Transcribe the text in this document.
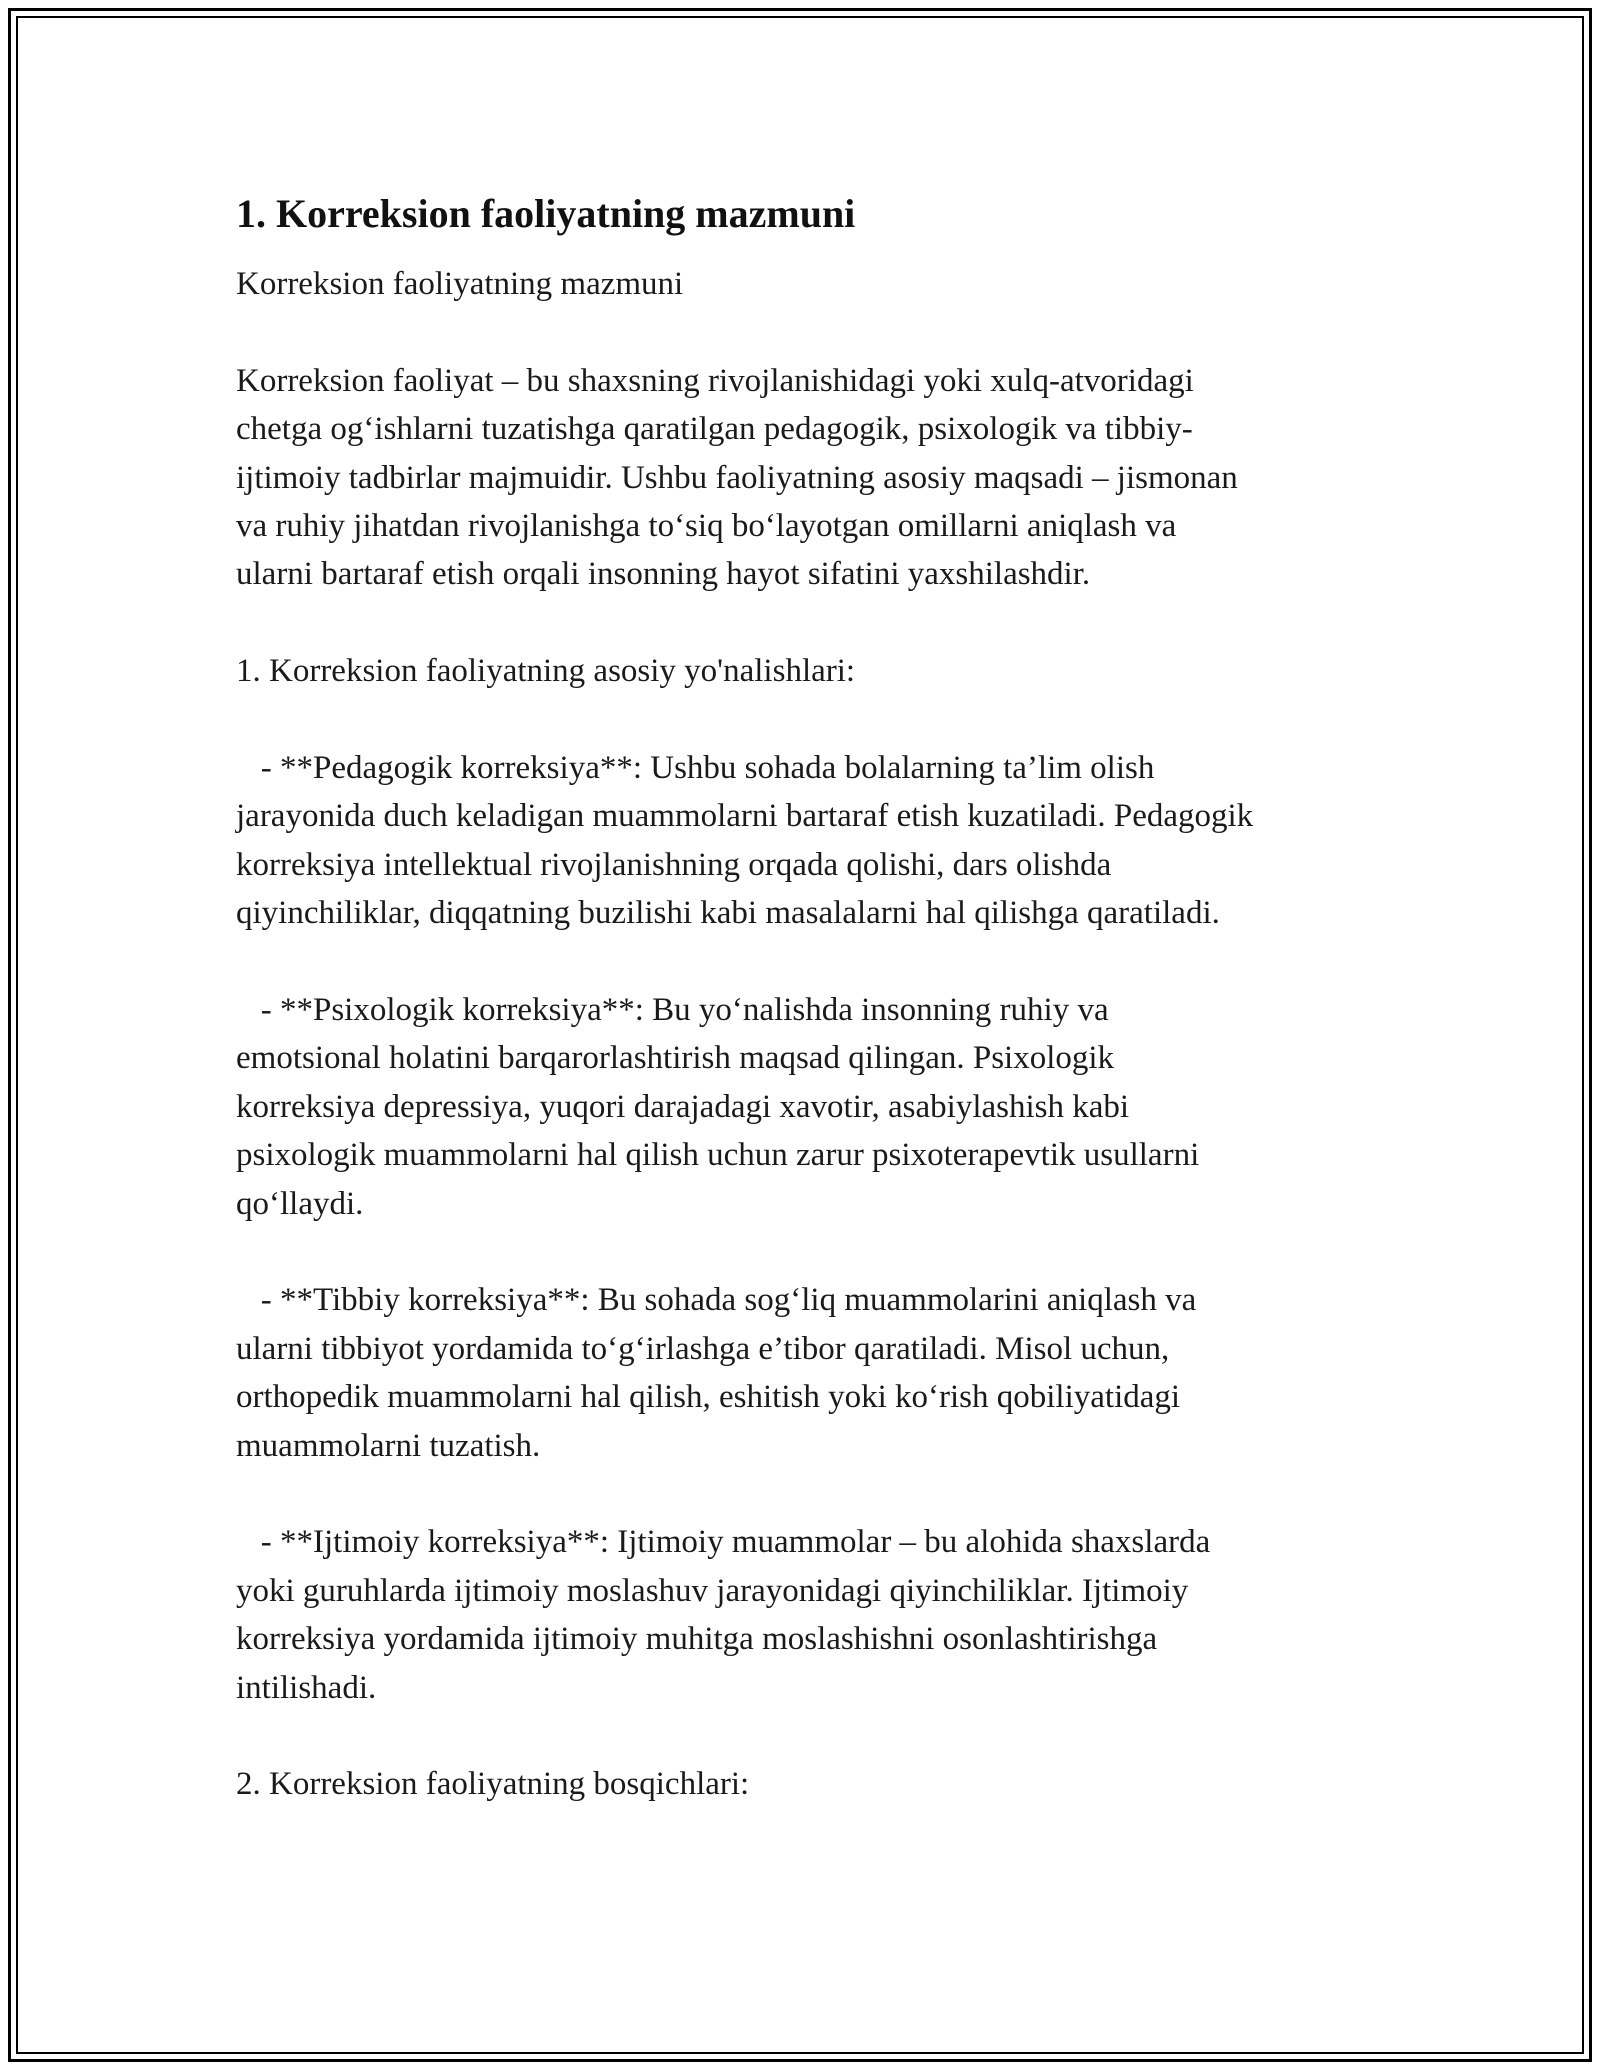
1. Korreksion faoliyatning mazmuni

Korreksion faoliyatning mazmuni

Korreksion faoliyat – bu shaxsning rivojlanishidagi yoki xulq-atvoridagi
chetga og‘ishlarni tuzatishga qaratilgan pedagogik, psixologik va tibbiy-
ijtimoiy tadbirlar majmuidir. Ushbu faoliyatning asosiy maqsadi – jismonan
va ruhiy jihatdan rivojlanishga to‘siq bo‘layotgan omillarni aniqlash va
ularni bartaraf etish orqali insonning hayot sifatini yaxshilashdir.

1. Korreksion faoliyatning asosiy yo'nalishlari:

- **Pedagogik korreksiya**: Ushbu sohada bolalarning ta’lim olish
jarayonida duch keladigan muammolarni bartaraf etish kuzatiladi. Pedagogik
korreksiya intellektual rivojlanishning orqada qolishi, dars olishda
qiyinchiliklar, diqqatning buzilishi kabi masalalarni hal qilishga qaratiladi.

- **Psixologik korreksiya**: Bu yo‘nalishda insonning ruhiy va
emotsional holatini barqarorlashtirish maqsad qilingan. Psixologik
korreksiya depressiya, yuqori darajadagi xavotir, asabiylashish kabi
psixologik muammolarni hal qilish uchun zarur psixoterapevtik usullarni
qo‘llaydi.

- **Tibbiy korreksiya**: Bu sohada sog‘liq muammolarini aniqlash va
ularni tibbiyot yordamida to‘g‘irlashga e’tibor qaratiladi. Misol uchun,
orthopedik muammolarni hal qilish, eshitish yoki ko‘rish qobiliyatidagi
muammolarni tuzatish.

- **Ijtimoiy korreksiya**: Ijtimoiy muammolar – bu alohida shaxslarda
yoki guruhlarda ijtimoiy moslashuv jarayonidagi qiyinchiliklar. Ijtimoiy
korreksiya yordamida ijtimoiy muhitga moslashishni osonlashtirishga
intilishadi.

2. Korreksion faoliyatning bosqichlari:
